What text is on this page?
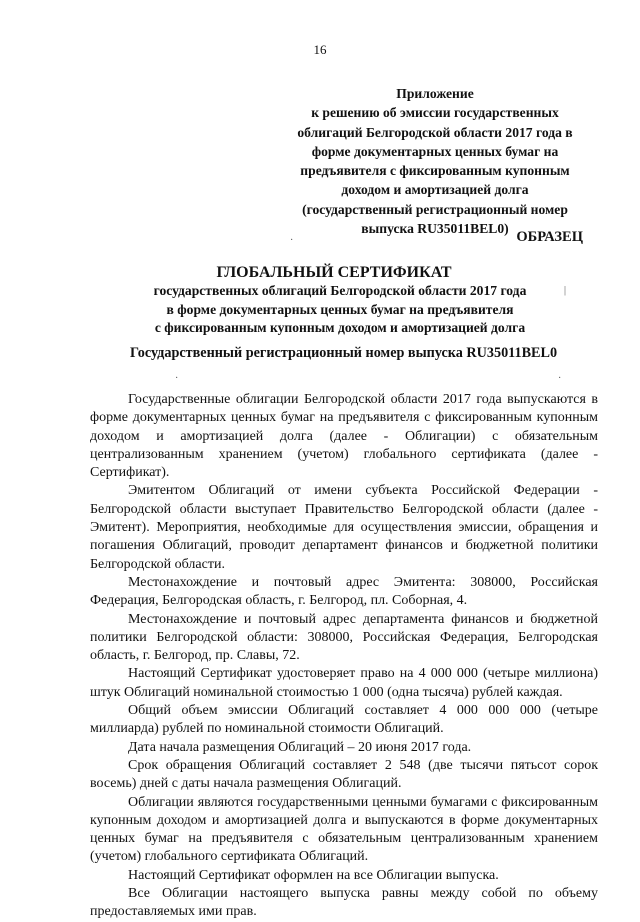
16
Приложение
к решению об эмиссии государственных
облигаций Белгородской области 2017 года в
форме документарных ценных бумаг на
предъявителя с фиксированным купонным
доходом и амортизацией долга
(государственный регистрационный номер
выпуска RU35011BEL0)
ОБРАЗЕЦ
ГЛОБАЛЬНЫЙ СЕРТИФИКАТ
государственных облигаций Белгородской области 2017 года
в форме документарных ценных бумаг на предъявителя
с фиксированным купонным доходом и амортизацией долга
Государственный регистрационный номер выпуска RU35011BEL0
·
|
·	·

Государственные облигации Белгородской области 2017 года выпускаются в форме документарных ценных бумаг на предъявителя с фиксированным купонным доходом и амортизацией долга (далее - Облигации) с обязательным централизованным хранением (учетом) глобального сертификата (далее - Сертификат).

Эмитентом Облигаций от имени субъекта Российской Федерации - Белгородской области выступает Правительство Белгородской области (далее - Эмитент). Мероприятия, необходимые для осуществления эмиссии, обращения и погашения Облигаций, проводит департамент финансов и бюджетной политики Белгородской области.

Местонахождение и почтовый адрес Эмитента: 308000, Российская Федерация, Белгородская область, г. Белгород, пл. Соборная, 4.

Местонахождение и почтовый адрес департамента финансов и бюджетной политики Белгородской области: 308000, Российская Федерация, Белгородская область, г. Белгород, пр. Славы, 72.

Настоящий Сертификат удостоверяет право на 4 000 000 (четыре миллиона) штук Облигаций номинальной стоимостью 1 000 (одна тысяча) рублей каждая.

Общий объем эмиссии Облигаций составляет 4 000 000 000 (четыре миллиарда) рублей по номинальной стоимости Облигаций.

Дата начала размещения Облигаций – 20 июня 2017 года.

Срок обращения Облигаций составляет 2 548 (две тысячи пятьсот сорок восемь) дней с даты начала размещения Облигаций.

Облигации являются государственными ценными бумагами с фиксированным купонным доходом и амортизацией долга и выпускаются в форме документарных ценных бумаг на предъявителя с обязательным централизованным хранением (учетом) глобального сертификата Облигаций.

Настоящий Сертификат оформлен на все Облигации выпуска.

Все Облигации настоящего выпуска равны между собой по объему предоставляемых ими прав.
